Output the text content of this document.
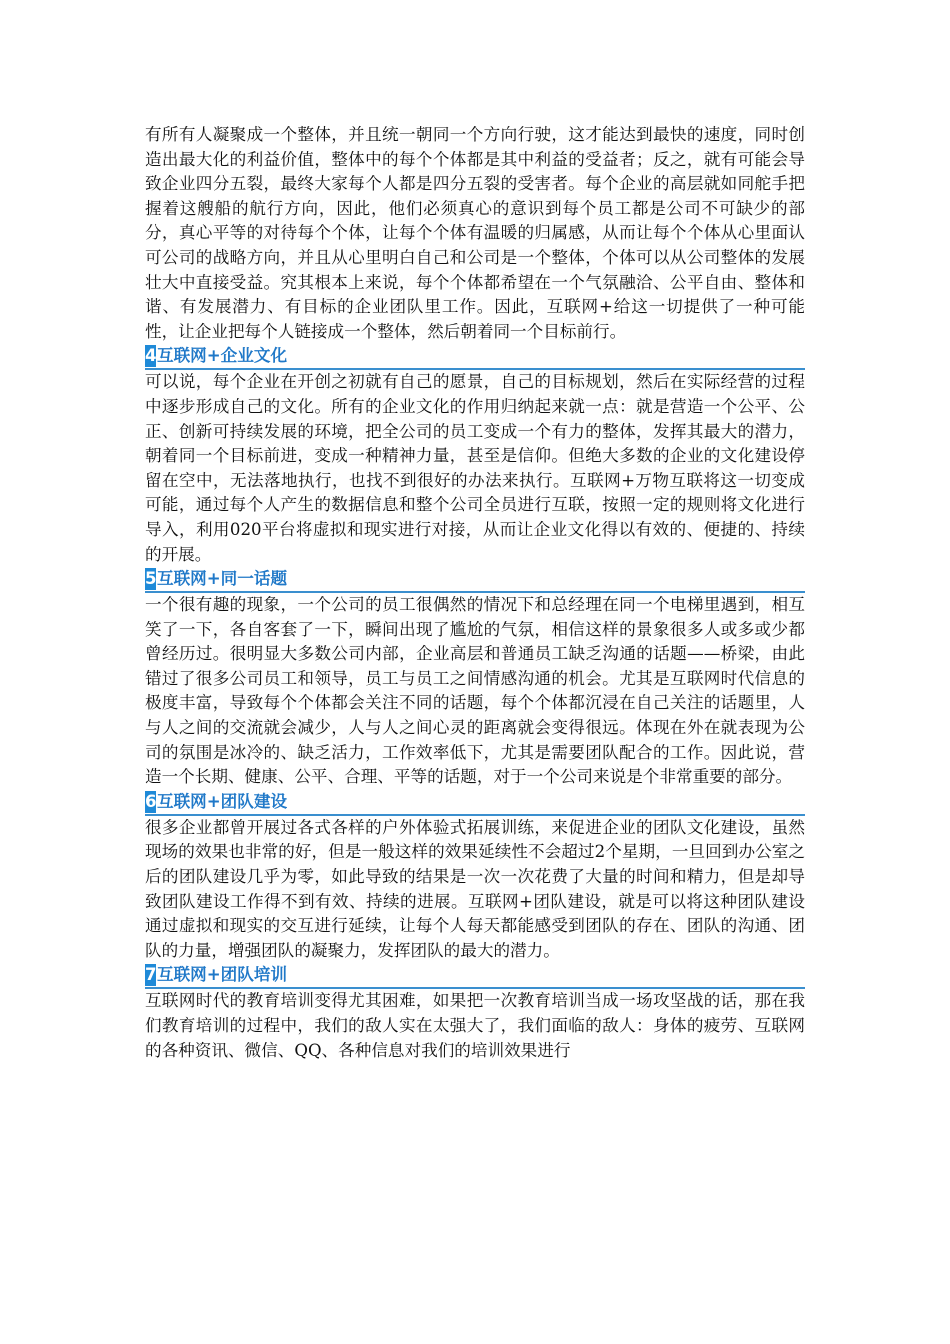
有所有人凝聚成一个整体，并且统一朝同一个方向行驶，这才能达到最快的速度，同时创造出最大化的利益价值，整体中的每个个体都是其中利益的受益者；反之，就有可能会导致企业四分五裂，最终大家每个人都是四分五裂的受害者。每个企业的高层就如同舵手把握着这艘船的航行方向，因此，他们必须真心的意识到每个员工都是公司不可缺少的部分，真心平等的对待每个个体，让每个个体有温暖的归属感，从而让每个个体从心里面认可公司的战略方向，并且从心里明白自己和公司是一个整体，个体可以从公司整体的发展壮大中直接受益。究其根本上来说，每个个体都希望在一个气氛融洽、公平自由、整体和谐、有发展潜力、有目标的企业团队里工作。因此，互联网+给这一切提供了一种可能性，让企业把每个人链接成一个整体，然后朝着同一个目标前行。

4 互联网+企业文化

可以说，每个企业在开创之初就有自己的愿景，自己的目标规划，然后在实际经营的过程中逐步形成自己的文化。所有的企业文化的作用归纳起来就一点：就是营造一个公平、公正、创新可持续发展的环境，把全公司的员工变成一个有力的整体，发挥其最大的潜力，朝着同一个目标前进，变成一种精神力量，甚至是信仰。但绝大多数的企业的文化建设停留在空中，无法落地执行，也找不到很好的办法来执行。互联网+万物互联将这一切变成可能，通过每个人产生的数据信息和整个公司全员进行互联，按照一定的规则将文化进行导入，利用020平台将虚拟和现实进行对接，从而让企业文化得以有效的、便捷的、持续的开展。

5 互联网+同一话题

一个很有趣的现象，一个公司的员工很偶然的情况下和总经理在同一个电梯里遇到，相互笑了一下，各自客套了一下，瞬间出现了尴尬的气氛，相信这样的景象很多人或多或少都曾经历过。很明显大多数公司内部，企业高层和普通员工缺乏沟通的话题——桥梁，由此错过了很多公司员工和领导，员工与员工之间情感沟通的机会。尤其是互联网时代信息的极度丰富，导致每个个体都会关注不同的话题，每个个体都沉浸在自己关注的话题里，人与人之间的交流就会减少，人与人之间心灵的距离就会变得很远。体现在外在就表现为公司的氛围是冰冷的、缺乏活力，工作效率低下，尤其是需要团队配合的工作。因此说，营造一个长期、健康、公平、合理、平等的话题，对于一个公司来说是个非常重要的部分。

6 互联网+团队建设

很多企业都曾开展过各式各样的户外体验式拓展训练，来促进企业的团队文化建设，虽然现场的效果也非常的好，但是一般这样的效果延续性不会超过2个星期，一旦回到办公室之后的团队建设几乎为零，如此导致的结果是一次一次花费了大量的时间和精力，但是却导致团队建设工作得不到有效、持续的进展。互联网+团队建设，就是可以将这种团队建设通过虚拟和现实的交互进行延续，让每个人每天都能感受到团队的存在、团队的沟通、团队的力量，增强团队的凝聚力，发挥团队的最大的潜力。

7 互联网+团队培训

互联网时代的教育培训变得尤其困难，如果把一次教育培训当成一场攻坚战的话，那在我们教育培训的过程中，我们的敌人实在太强大了，我们面临的敌人：身体的疲劳、互联网的各种资讯、微信、QQ、各种信息对我们的培训效果进行
